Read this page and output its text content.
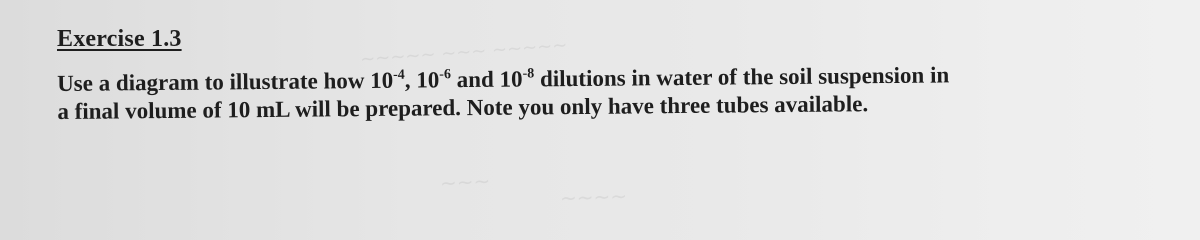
~~~~~ ~~~ ~~~~~
~~~
~~~~
Exercise 1.3
Use a diagram to illustrate how $10^{-4}$, $10^{-6}$ and $10^{-8}$ dilutions in water of the soil suspension in
a final volume of 10 mL will be prepared. Note you only have three tubes available.
